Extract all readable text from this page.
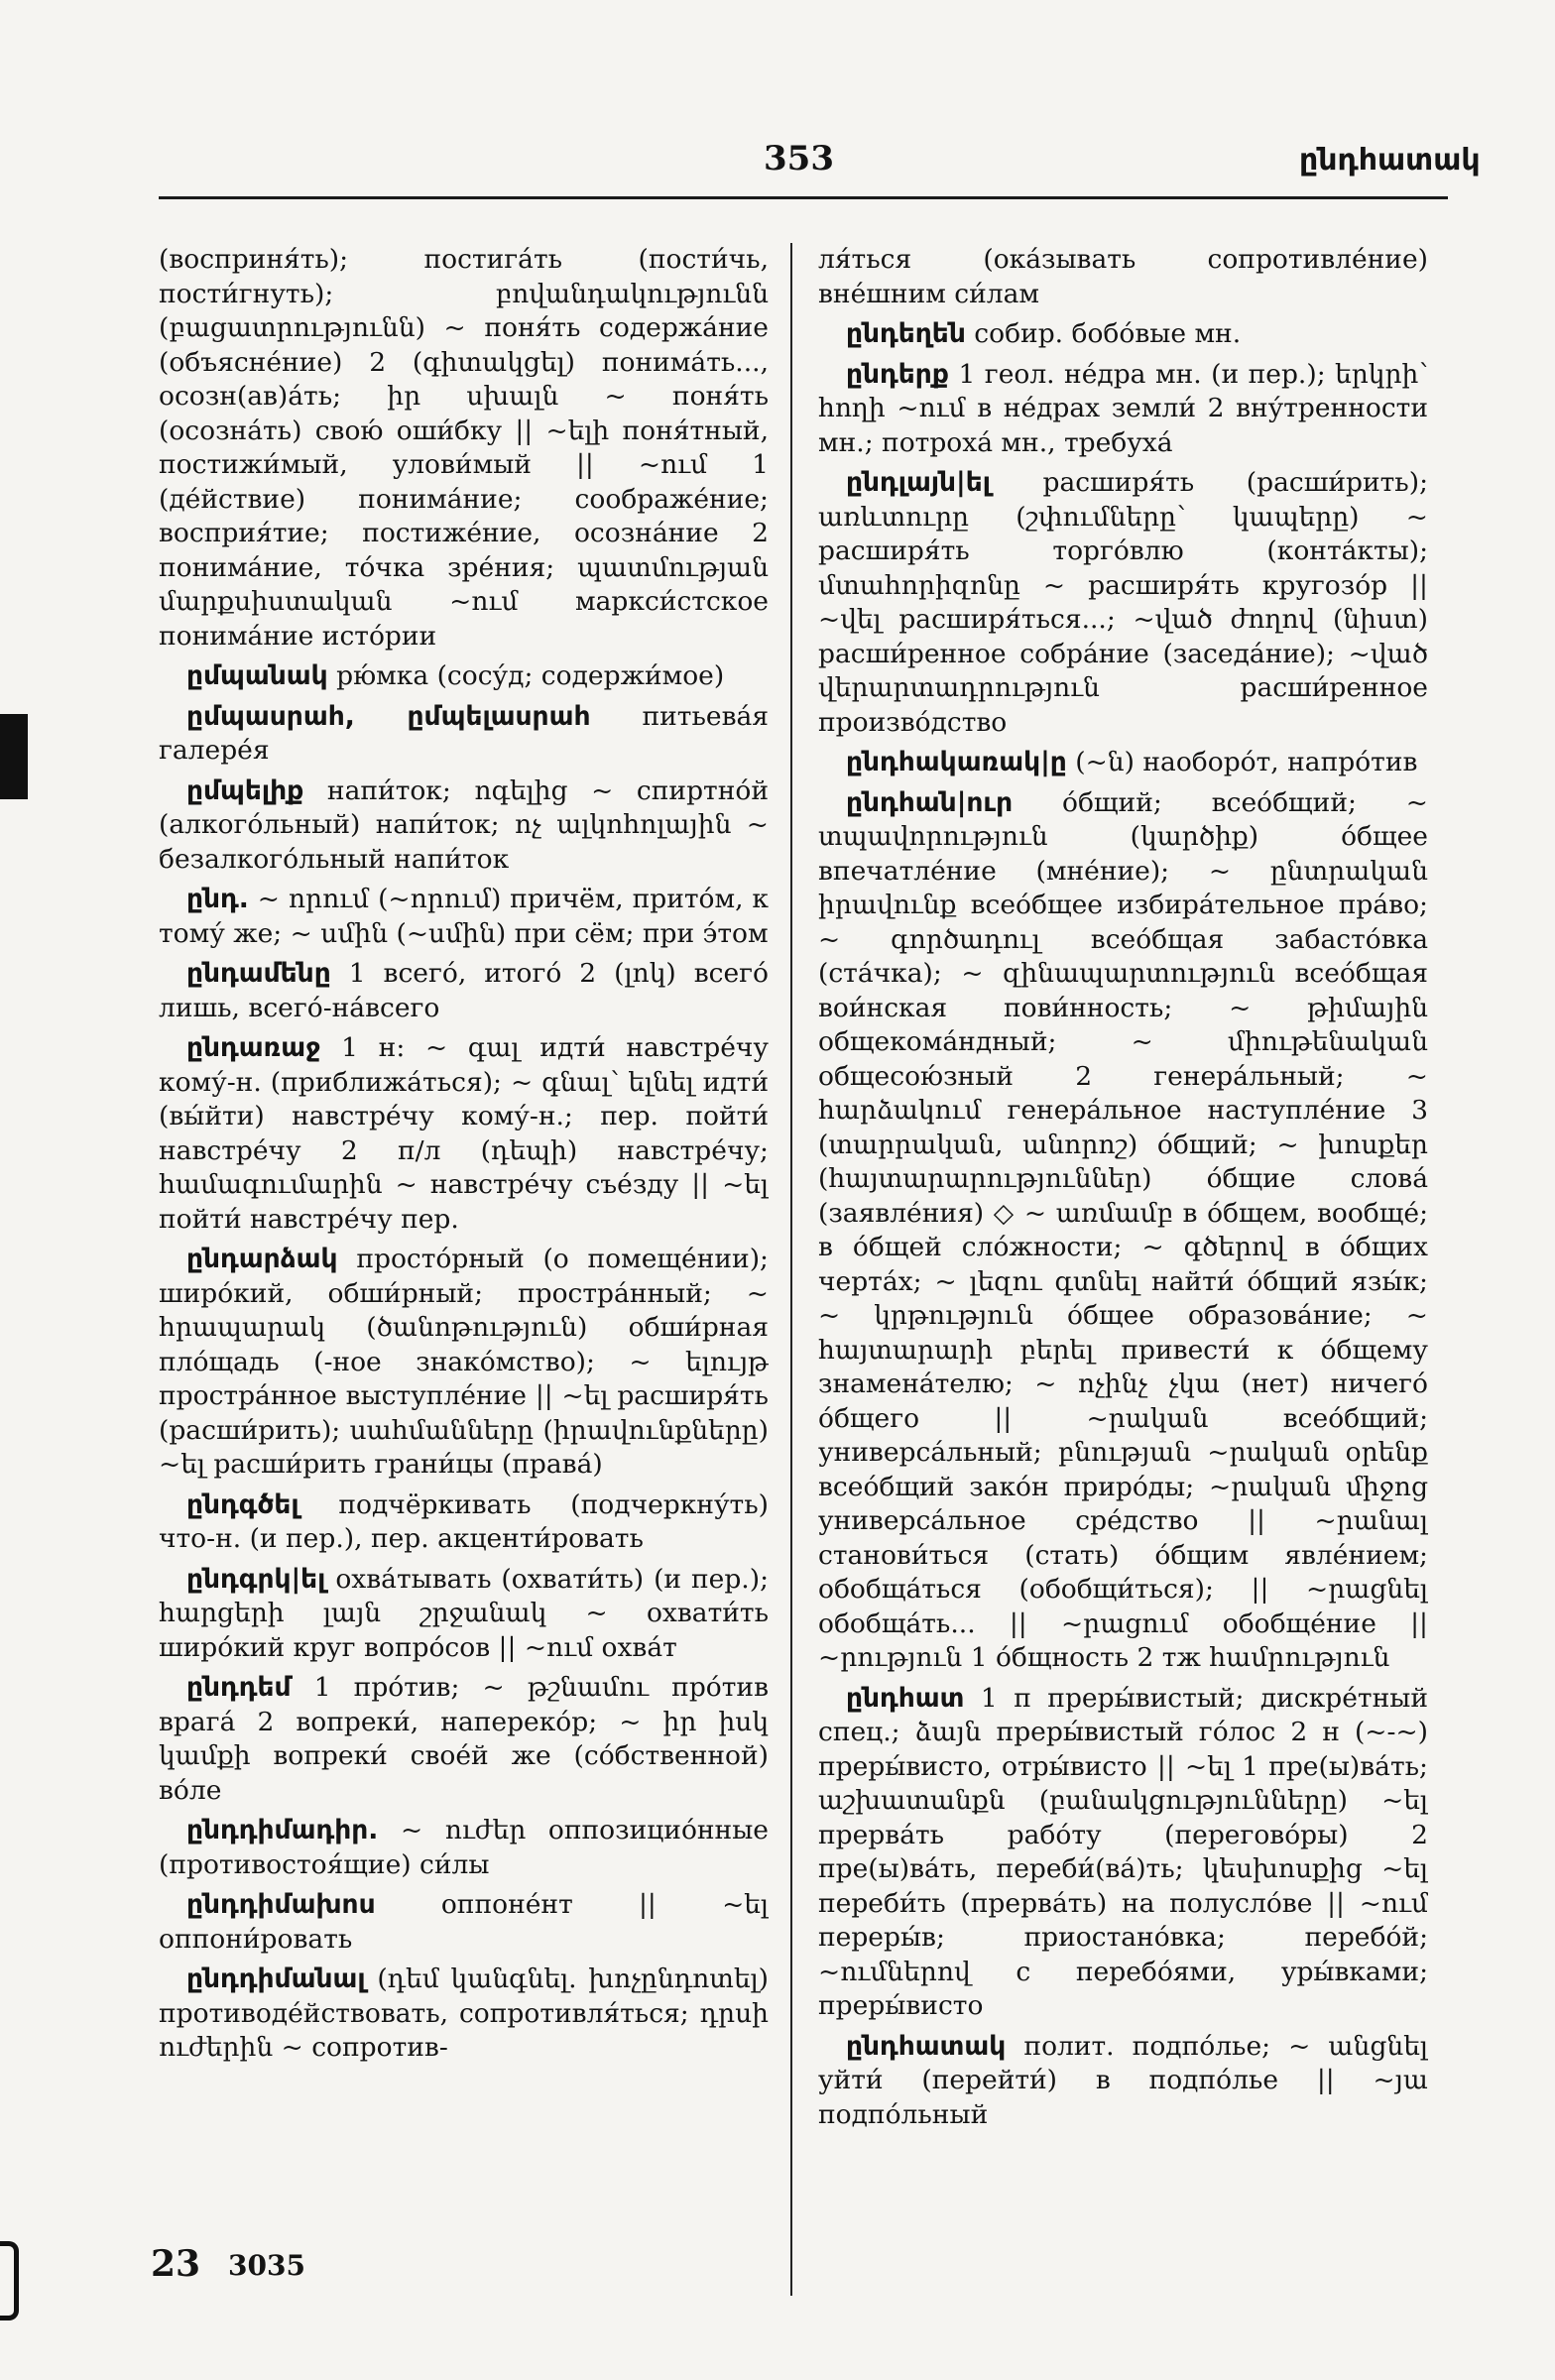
353	ընդհատակ

(восприня́ть); постига́ть (пости́чь, пости́гнуть); բովանդակությունն (բացատրությունն) ~ поня́ть содержа́ние (объясне́ние) 2 (գիտակցել) понима́ть..., осозн(ав)а́ть; իր սխալն ~ поня́ть (осозна́ть) свою́ оши́бку || ~ելի поня́тный, постижи́мый, улови́мый || ~ում 1 (де́йствие) понима́ние; соображе́ние; восприя́тие; постиже́ние, осозна́ние 2 понима́ние, то́чка зре́ния; պատմության մարքսիստական ~ում маркси́стское понима́ние исто́рии

ըմպանակ рю́мка (сосу́д; содержи́мое)

ըմպասրահ, ըմպելասրահ питьева́я галере́я

ըմպելիք напи́ток; ոգելից ~ спиртно́й (алкого́льный) напи́ток; ոչ ալկոհոլային ~ безалкого́льный напи́ток

ընդ. ~ որում (~որում) причём, прито́м, к тому́ же; ~ սմին (~սմին) при сём; при э́том

ընդամենը 1 всего́, итого́ 2 (լոկ) всего́ лишь, всего́-на́всего

ընդառաջ 1 н: ~ գալ идти́ навстре́чу кому́-н. (приближа́ться); ~ գնալ՝ ելնել идти́ (вы́йти) навстре́чу кому́-н.; пер. пойти́ навстре́чу 2 п/л (դեպի) навстре́чу; համագումարին ~ навстре́чу съе́зду || ~ել пойти́ навстре́чу пер.

ընդարձակ просто́рный (о помеще́нии); широ́кий, обши́рный; простра́нный; ~ հրապարակ (ծանոթություն) обши́рная пло́щадь (-ное знако́мство); ~ ելույթ простра́нное выступле́ние || ~ել расширя́ть (расши́рить); սահմանները (իրավունքները) ~ել расши́рить грани́цы (права́)

ընդգծել подчёркивать (подчеркну́ть) что-н. (и пер.), пер. акценти́ровать

ընդգրկ|ել охва́тывать (охвати́ть) (и пер.); հարցերի լայն շրջանակ ~ охвати́ть широ́кий круг вопро́сов || ~ում охва́т

ընդդեմ 1 про́тив; ~ թշնամու про́тив врага́ 2 вопреки́, наперекóр; ~ իր իսկ կամքի вопреки́ свое́й же (со́бственной) во́ле

ընդդիմադիր. ~ ուժեր оппозицио́нные (противостоя́щие) си́лы

ընդդիմախոս оппоне́нт || ~ել оппони́ровать

ընդդիմանալ (դեմ կանգնել. խոչընդոտել) противоде́йствовать, сопротивля́ться; դրսի ուժերին ~ сопротив-

ля́ться (ока́зывать сопротивле́ние) вне́шним си́лам

ընդեղեն собир. бобо́вые мн.

ընդերք 1 геол. не́дра мн. (и пер.); երկրի՝ հողի ~ում в не́драх земли́ 2 вну́тренности мн.; потроха́ мн., требуха́

ընդլայն|ել расширя́ть (расши́рить); առևտուրը (շփումները՝ կապերը) ~ расширя́ть торго́влю (конта́кты); մտահորիզոնը ~ расширя́ть кругозо́р || ~վել расширя́ться...; ~ված ժողով (նիստ) расши́ренное собра́ние (заседа́ние); ~ված վերարտադրություն расши́ренное произво́дство

ընդհակառակ|ը (~ն) наоборо́т, напро́тив

ընդհան|ուր о́бщий; всео́бщий; ~ տպավորություն (կարծիք) о́бщее впечатле́ние (мне́ние); ~ ընտրական իրավունք всео́бщее избира́тельное пра́во; ~ գործադուլ всео́бщая забасто́вка (ста́чка); ~ զինապարտություն всео́бщая вои́нская пови́нность; ~ թիմային общекома́ндный; ~ միութենական общесою́зный 2 генера́льный; ~ հարձակում генера́льное наступле́ние 3 (տարրական, անորոշ) о́бщий; ~ խոսքեր (հայտարարություններ) о́бщие слова́ (заявле́ния) ◇ ~ առմամբ в о́бщем, вообще́; в о́бщей сло́жности; ~ գծերով в о́бщих черта́х; ~ լեզու գտնել найти́ о́бщий язы́к; ~ կրթություն о́бщее образова́ние; ~ հայտարարի բերել привести́ к о́бщему знамена́телю; ~ ոչինչ չկա (нет) ничего́ о́бщего || ~րական всео́бщий; универса́льный; բնության ~րական օրենք всео́бщий зако́н приро́ды; ~րական միջոց универса́льное сре́дство || ~րանալ станови́ться (стать) о́бщим явле́нием; обобща́ться (обобщи́ться); || ~րացնել обобща́ть... || ~րացում обобще́ние || ~րություն 1 о́бщность 2 тж համրություն

ընդհատ 1 п преры́вистый; дискре́тный спец.; ձայն преры́вистый го́лос 2 н (~-~) преры́висто, отры́висто || ~ել 1 пре(ы)ва́ть; աշխատանքն (բանակցությունները) ~ել прерва́ть рабо́ту (перегово́ры) 2 пре(ы)ва́ть, переби́(ва́)ть; կեսխոսքից ~ել переби́ть (прерва́ть) на полусло́ве || ~ում переры́в; приостано́вка; перебо́й; ~ումներով с перебо́ями, уры́вками; преры́висто

ընդհատակ полит. подпо́лье; ~ անցնել уйти́ (перейти́) в подпо́лье || ~յա подпо́льный

23 3035
